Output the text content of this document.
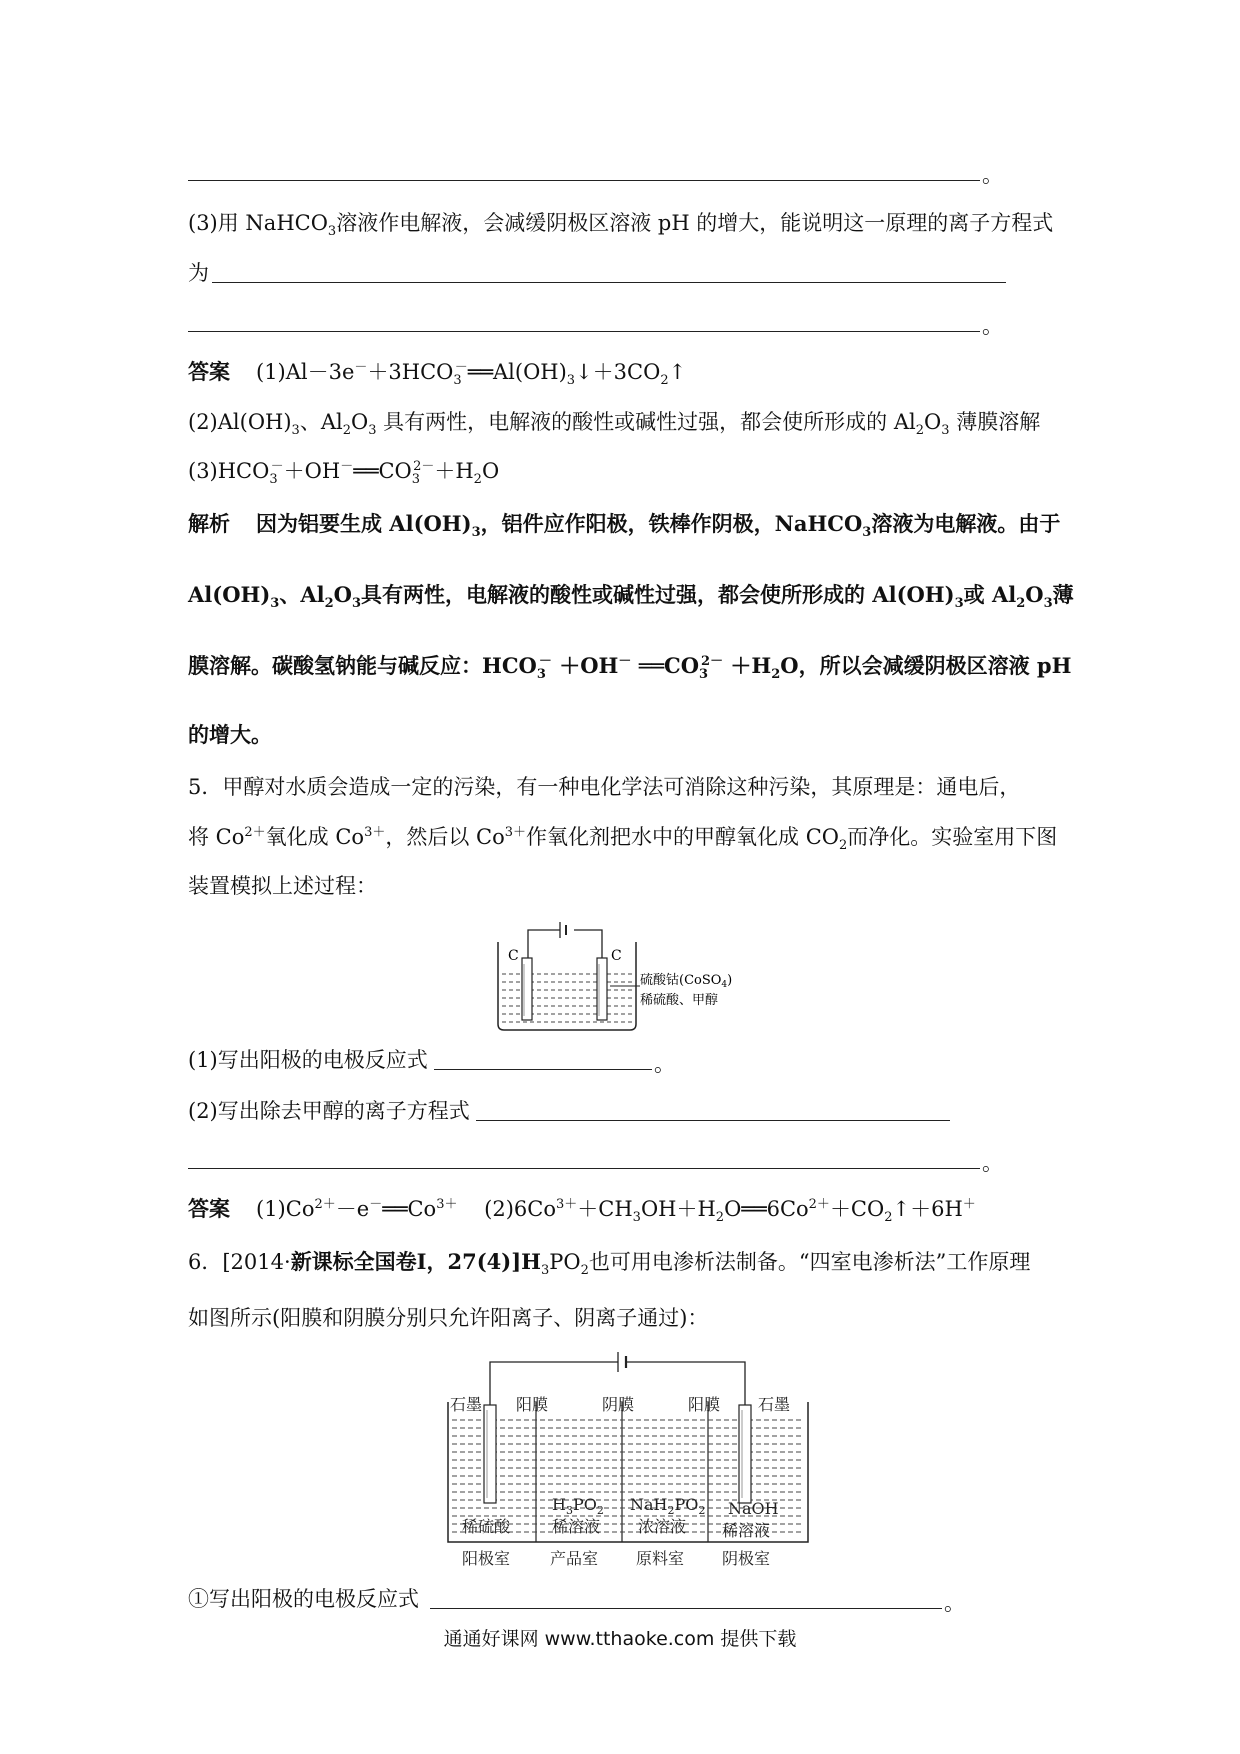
。
(3)用 NaHCO$_3$溶液作电解液，会减缓阴极区溶液 pH 的增大，能说明这一原理的离子方程式
为
。
答案 $(1)Al-3e^-+3HCO_3^-══Al(OH)_3↓+3CO_2↑$
$(2)Al(OH)_3$、$Al_2O_3$ 具有两性，电解液的酸性或碱性过强，都会使所形成的 $Al_2O_3$ 薄膜溶解
$(3)HCO_3^-+OH^-══CO_3^{2-}+H_2O$
解析 因为铝要生成 $Al(OH)_3$，铝件应作阳极，铁棒作阴极，NaHCO$_3$溶液为电解液。由于
$Al(OH)_3$、$Al_2O_3$具有两性，电解液的酸性或碱性过强，都会使所形成的 $Al(OH)_3$或 $Al_2O_3$薄
膜溶解。碳酸氢钠能与碱反应：$HCO_3^- +OH^-$ $══CO_3^{2-} +H_2O$，所以会减缓阴极区溶液 pH
的增大。
5．甲醇对水质会造成一定的污染，有一种电化学法可消除这种污染，其原理是：通电后，
将 $Co^{2+}$氧化成 $Co^{3+}$，然后以 $Co^{3+}$作氧化剂把水中的甲醇氧化成 $CO_2$而净化。实验室用下图
装置模拟上述过程：
C	C
硫酸钴(CoSO$_4$)
稀硫酸、甲醇
(1)写出阳极的电极反应式	。
(2)写出除去甲醇的离子方程式
。
答案 $(1)Co^{2+}-e^-══Co^{3+}$ $(2)6Co^{3+}+CH_3OH+H_2O══6Co^{2+}+CO_2↑+6H^+$
6．[2014·新课标全国卷Ⅰ，$27(4)]H_3PO_2$也可用电渗析法制备。“四室电渗析法”工作原理
如图所示(阳膜和阴膜分别只允许阳离子、阴离子通过)：
石墨 阳膜	阴膜	阳膜 石墨
稀硫酸
$H_3PO_2$
稀溶液
$NaH_2PO_2$
浓溶液
NaOH
稀溶液
阳极室 产品室 原料室 阴极室
①写出阳极的电极反应式	。
通通好课网 www.tthaoke.com 提供下载
